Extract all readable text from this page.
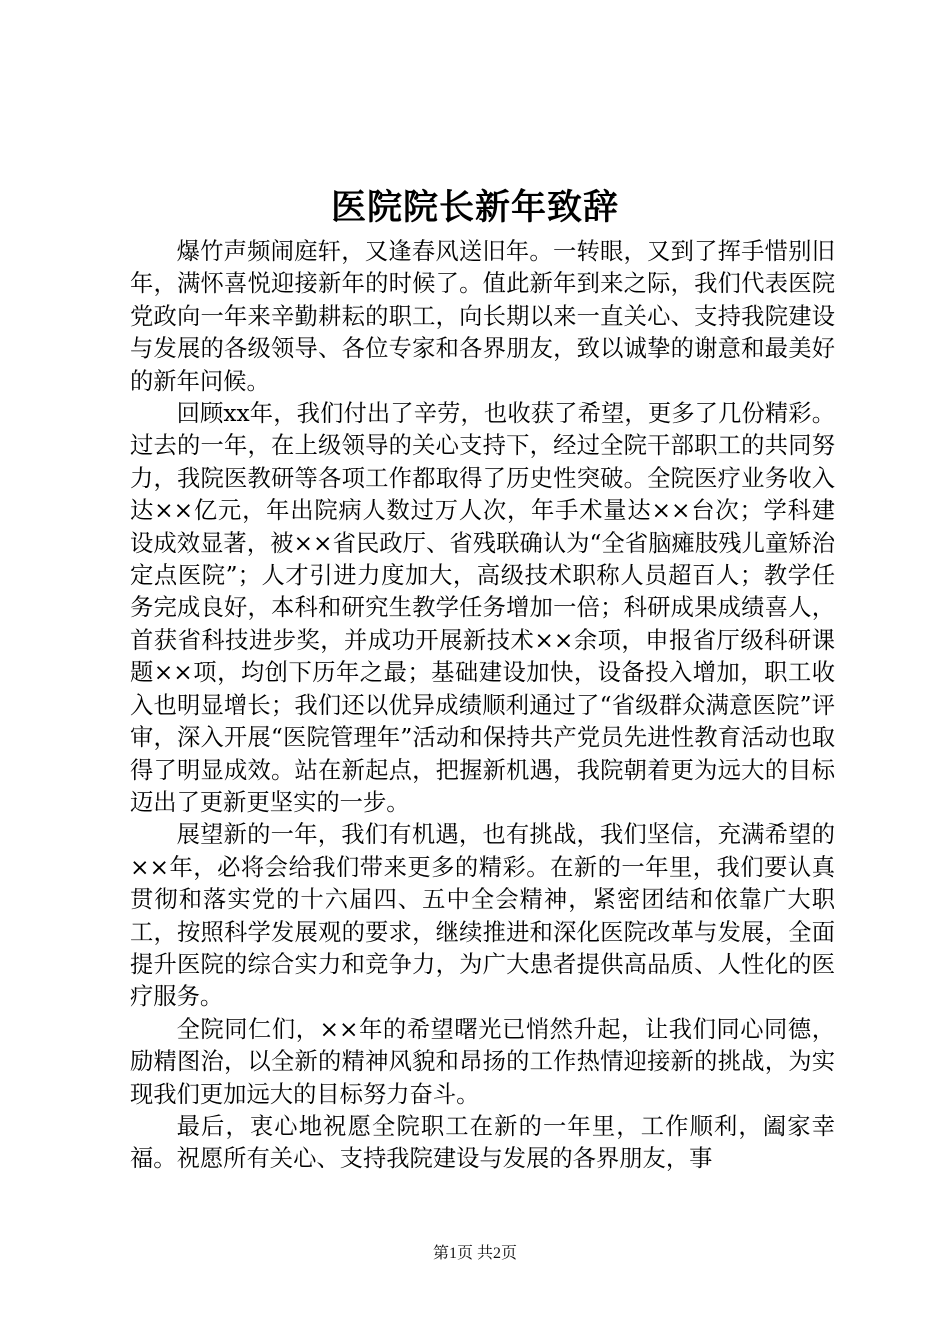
医院院长新年致辞

爆竹声频闹庭轩，又逢春风送旧年。一转眼，又到了挥手惜别旧年，满怀喜悦迎接新年的时候了。值此新年到来之际，我们代表医院党政向一年来辛勤耕耘的职工，向长期以来一直关心、支持我院建设与发展的各级领导、各位专家和各界朋友，致以诚挚的谢意和最美好的新年问候。

回顾xx年，我们付出了辛劳，也收获了希望，更多了几份精彩。过去的一年，在上级领导的关心支持下，经过全院干部职工的共同努力，我院医教研等各项工作都取得了历史性突破。全院医疗业务收入达××亿元，年出院病人数过万人次，年手术量达××台次；学科建设成效显著，被××省民政厅、省残联确认为“全省脑瘫肢残儿童矫治定点医院”；人才引进力度加大，高级技术职称人员超百人；教学任务完成良好，本科和研究生教学任务增加一倍；科研成果成绩喜人，首获省科技进步奖，并成功开展新技术××余项，申报省厅级科研课题××项，均创下历年之最；基础建设加快，设备投入增加，职工收入也明显增长；我们还以优异成绩顺利通过了“省级群众满意医院”评审，深入开展“医院管理年”活动和保持共产党员先进性教育活动也取得了明显成效。站在新起点，把握新机遇，我院朝着更为远大的目标迈出了更新更坚实的一步。

展望新的一年，我们有机遇，也有挑战，我们坚信，充满希望的××年，必将会给我们带来更多的精彩。在新的一年里，我们要认真贯彻和落实党的十六届四、五中全会精神，紧密团结和依靠广大职工，按照科学发展观的要求，继续推进和深化医院改革与发展，全面提升医院的综合实力和竞争力，为广大患者提供高品质、人性化的医疗服务。

全院同仁们，××年的希望曙光已悄然升起，让我们同心同德，励精图治，以全新的精神风貌和昂扬的工作热情迎接新的挑战，为实现我们更加远大的目标努力奋斗。

最后，衷心地祝愿全院职工在新的一年里，工作顺利，阖家幸福。祝愿所有关心、支持我院建设与发展的各界朋友，事

第1页 共2页
